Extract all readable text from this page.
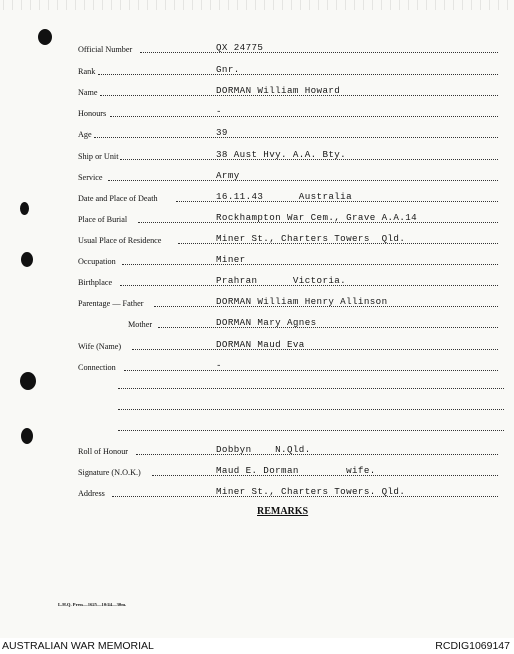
Official Number	QX 24775
Rank	Gnr.
Name	DORMAN William Howard
Honours	-
Age	39
Ship or Unit	38 Aust Hvy. A.A. Bty.
Service	Army
Date and Place of Death	16.11.43      Australia
Place of Burial	Rockhampton War Cem., Grave A.A.14
Usual Place of Residence	Miner St., Charters Towers  Qld.
Occupation	Miner
Birthplace	Prahran      Victoria.
Parentage — Father	DORMAN William Henry Allinson
Mother	DORMAN Mary Agnes
Wife (Name)	DORMAN Maud Eva
Connection	-
Roll of Honour	Dobbyn    N.Qld.
Signature (N.O.K.)	Maud E. Dorman        wife.
Address	Miner St., Charters Towers. Qld.
REMARKS
L.H.Q. Press—1625—10/44—30m.
AUSTRALIAN WAR MEMORIAL	RCDIG1069147
